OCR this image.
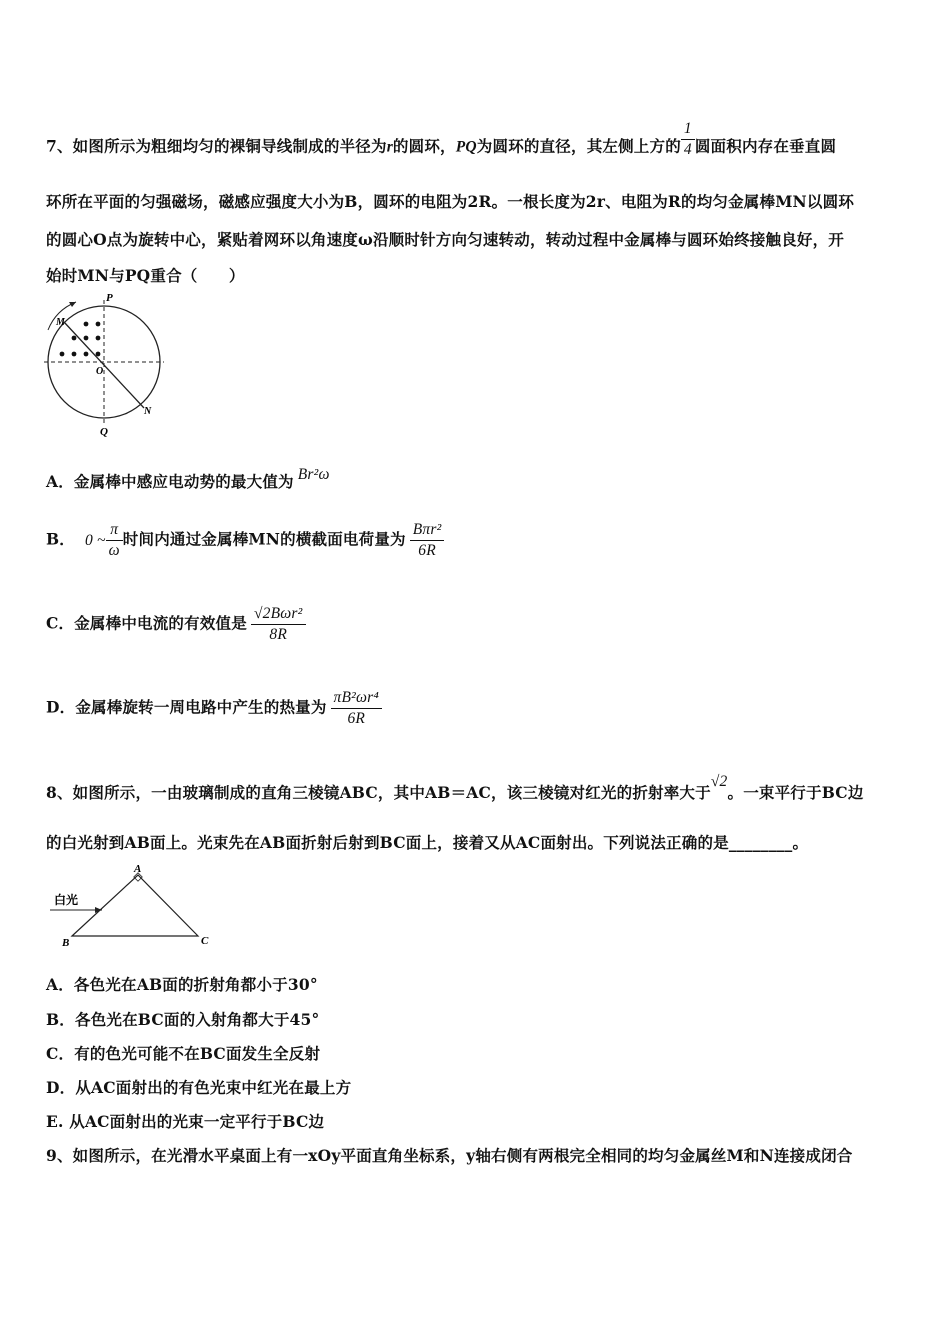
7、如图所示为粗细均匀的裸铜导线制成的半径为r的圆环，PQ为圆环的直径，其左侧上方的 $\frac{1}{4}$ 圆面积内存在垂直圆
环所在平面的匀强磁场，磁感应强度大小为B，圆环的电阻为2R。一根长度为2r、电阻为R的均匀金属棒MN以圆环
的圆心O点为旋转中心，紧贴着网环以角速度ω沿顺时针方向匀速转动，转动过程中金属棒与圆环始终接触良好，开
始时MN与PQ重合（　　）
P
M
O
N
Q
A．金属棒中感应电动势的最大值为 Br²ω
B． 0 ~ $\frac{\pi}{\omega}$ 时间内通过金属棒MN的横截面电荷量为 $\frac{\text{Bπr²}}{6R}$
C．金属棒中电流的有效值是 $\frac{\text{√2Bωr²}}{8R}$
D．金属棒旋转一周电路中产生的热量为 $\frac{\text{πB²ωr⁴}}{6R}$
8、如图所示，一由玻璃制成的直角三棱镜ABC，其中AB＝AC，该三棱镜对红光的折射率大于√2。一束平行于BC边
的白光射到AB面上。光束先在AB面折射后射到BC面上，接着又从AC面射出。下列说法正确的是________。
白光
A
B	C
A．各色光在AB面的折射角都小于30°
B．各色光在BC面的入射角都大于45°
C．有的色光可能不在BC面发生全反射
D．从AC面射出的有色光束中红光在最上方
E. 从AC面射出的光束一定平行于BC边
9、如图所示，在光滑水平桌面上有一xOy平面直角坐标系，y轴右侧有两根完全相同的均匀金属丝M和N连接成闭合
